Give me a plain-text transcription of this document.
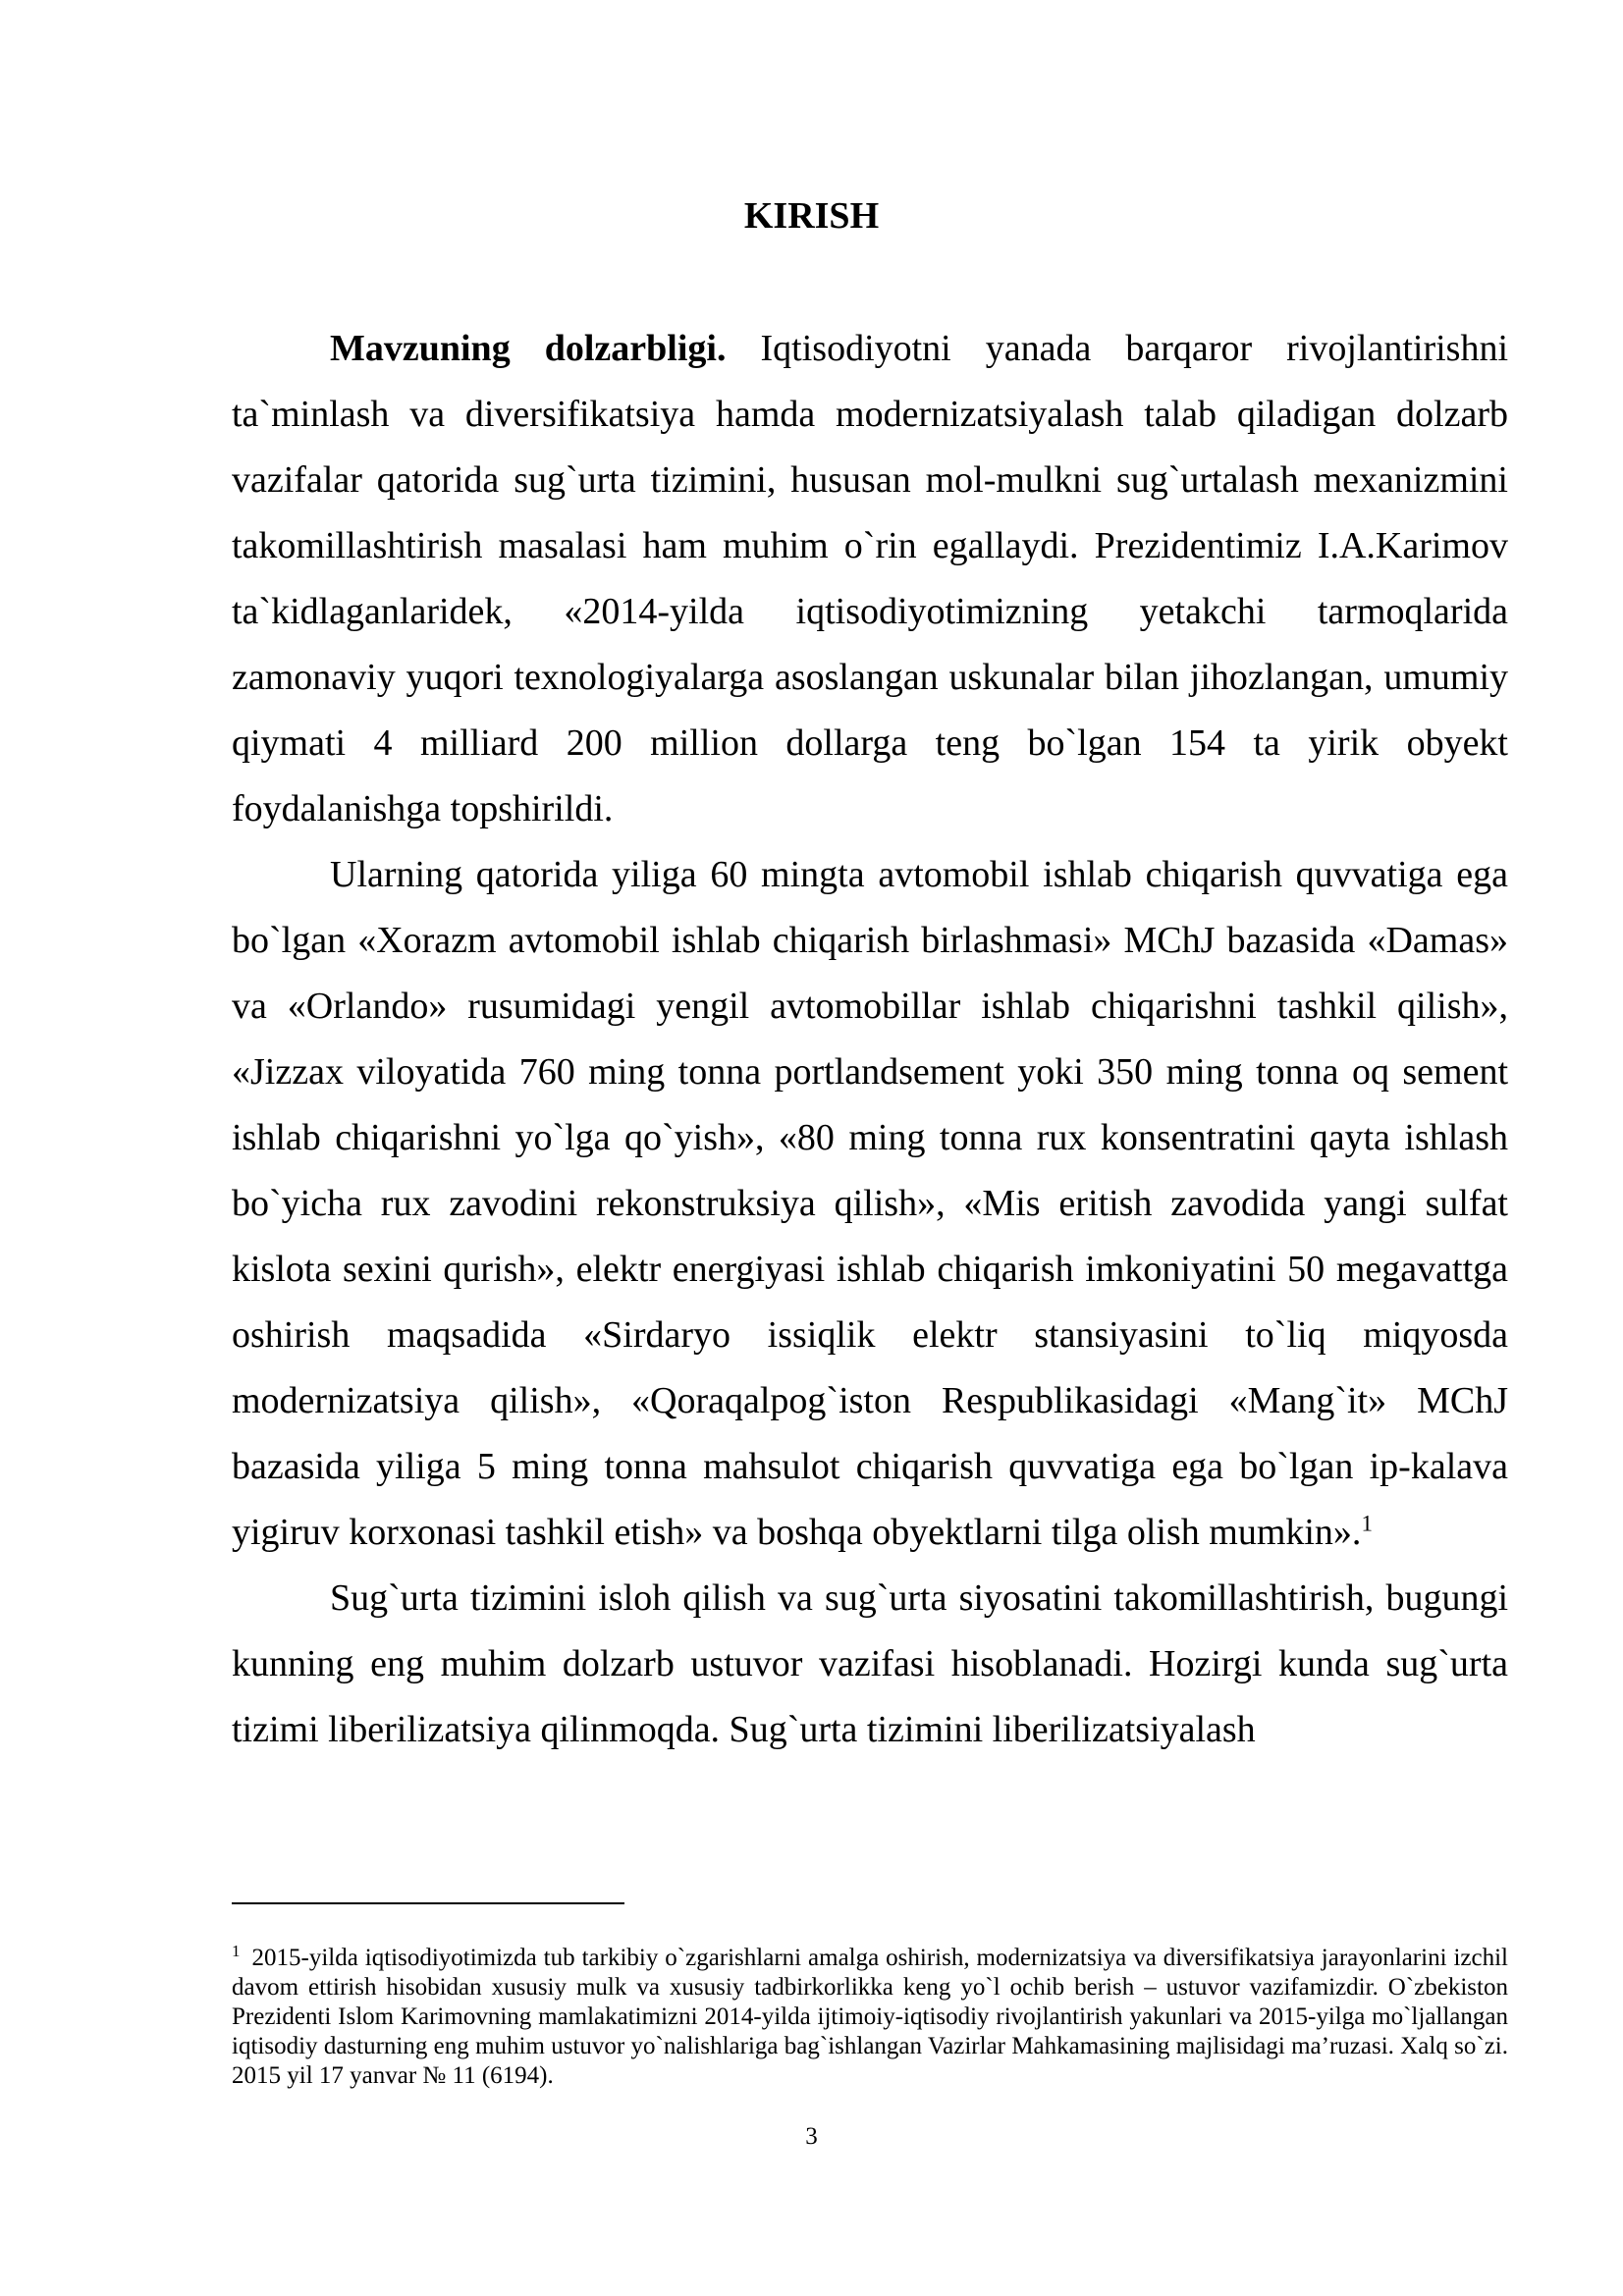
KIRISH

Mavzuning dolzarbligi. Iqtisodiyotni yanada barqaror rivojlantirishni ta`minlash va diversifikatsiya hamda modernizatsiyalash talab qiladigan dolzarb vazifalar qatorida sug`urta tizimini, hususan mol-mulkni sug`urtalash mexanizmini takomillashtirish masalasi ham muhim o`rin egallaydi. Prezidentimiz I.A.Karimov ta`kidlaganlaridek, «2014-yilda iqtisodiyotimizning yetakchi tarmoqlarida zamonaviy yuqori texnologiyalarga asoslangan uskunalar bilan jihozlangan, umumiy qiymati 4 milliard 200 million dollarga teng bo`lgan 154 ta yirik obyekt foydalanishga topshirildi.

Ularning qatorida yiliga 60 mingta avtomobil ishlab chiqarish quvvatiga ega bo`lgan «Xorazm avtomobil ishlab chiqarish birlashmasi» MChJ bazasida «Damas» va «Orlando» rusumidagi yengil avtomobillar ishlab chiqarishni tashkil qilish», «Jizzax viloyatida 760 ming tonna portlandsement yoki 350 ming tonna oq sement ishlab chiqarishni yo`lga qo`yish», «80 ming tonna rux konsentratini qayta ishlash bo`yicha rux zavodini rekonstruksiya qilish», «Mis eritish zavodida yangi sulfat kislota sexini qurish», elektr energiyasi ishlab chiqarish imkoniyatini 50 megavattga oshirish maqsadida «Sirdaryo issiqlik elektr stansiyasini to`liq miqyosda modernizatsiya qilish», «Qoraqalpog`iston Respublikasidagi «Mang`it» MChJ bazasida yiliga 5 ming tonna mahsulot chiqarish quvvatiga ega bo`lgan ip-kalava yigiruv korxonasi tashkil etish» va boshqa obyektlarni tilga olish mumkin».$^1$

Sug`urta tizimini isloh qilish va sug`urta siyosatini takomillashtirish, bugungi kunning eng muhim dolzarb ustuvor vazifasi hisoblanadi. Hozirgi kunda sug`urta tizimi liberilizatsiya qilinmoqda. Sug`urta tizimini liberilizatsiyalash

$^1$ 2015-yilda iqtisodiyotimizda tub tarkibiy o`zgarishlarni amalga oshirish, modernizatsiya va diversifikatsiya jarayonlarini izchil davom ettirish hisobidan xususiy mulk va xususiy tadbirkorlikka keng yo`l ochib berish – ustuvor vazifamizdir. O`zbekiston Prezidenti Islom Karimovning mamlakatimizni 2014-yilda ijtimoiy-iqtisodiy rivojlantirish yakunlari va 2015-yilga mo`ljallangan iqtisodiy dasturning eng muhim ustuvor yo`nalishlariga bag`ishlangan Vazirlar Mahkamasining majlisidagi ma’ruzasi. Xalq so`zi. 2015 yil 17 yanvar № 11 (6194).

3
